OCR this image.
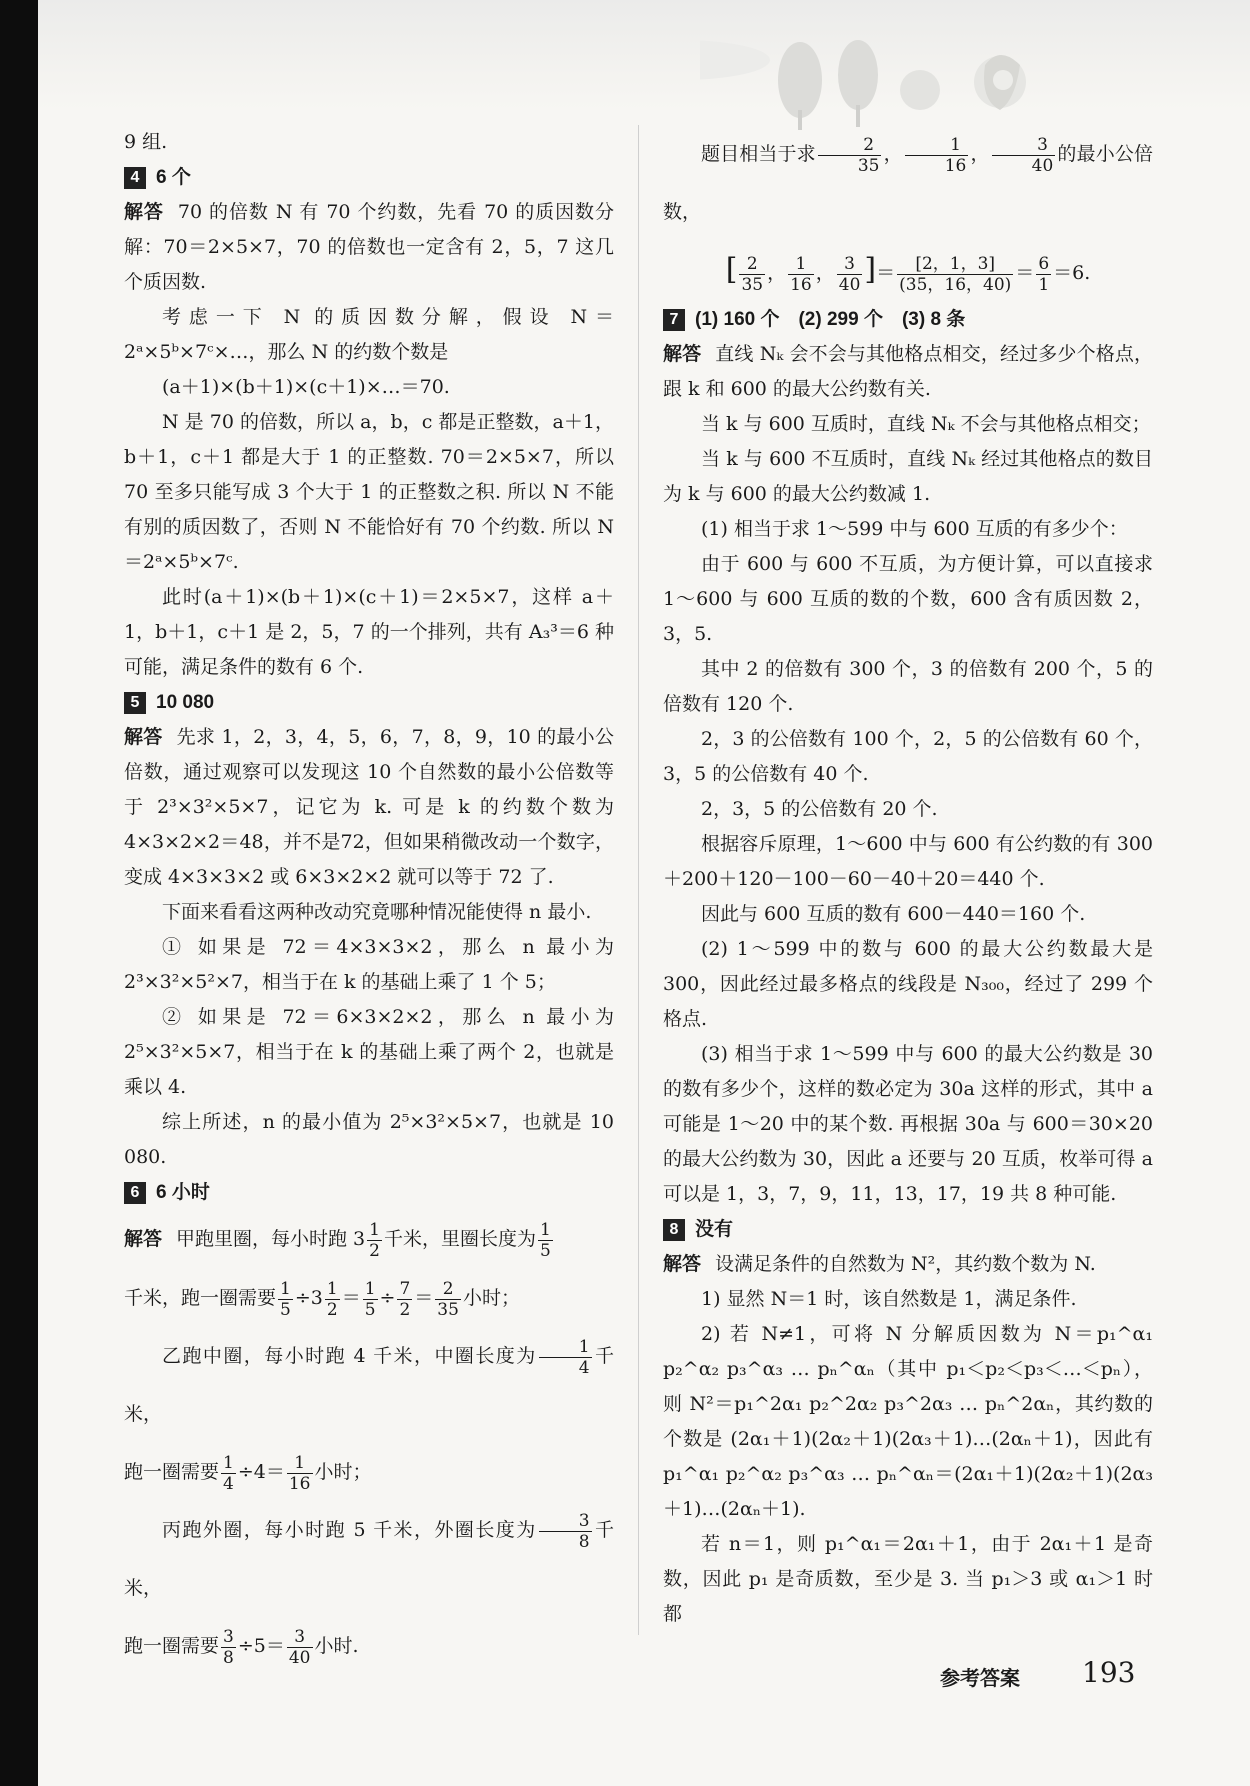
9 组.

4 6 个

解答 70 的倍数 N 有 70 个约数，先看 70 的质因数分解：70＝2×5×7，70 的倍数也一定含有 2，5，7 这几个质因数.

考虑一下 N 的质因数分解，假设 N＝2ᵃ×5ᵇ×7ᶜ×…，那么 N 的约数个数是

(a＋1)×(b＋1)×(c＋1)×…＝70.

N 是 70 的倍数，所以 a，b，c 都是正整数，a＋1，b＋1，c＋1 都是大于 1 的正整数. 70＝2×5×7，所以 70 至多只能写成 3 个大于 1 的正整数之积. 所以 N 不能有别的质因数了，否则 N 不能恰好有 70 个约数. 所以 N＝2ᵃ×5ᵇ×7ᶜ.

此时(a＋1)×(b＋1)×(c＋1)＝2×5×7，这样 a＋1，b＋1，c＋1 是 2，5，7 的一个排列，共有 A₃³＝6 种可能，满足条件的数有 6 个.

5 10 080

解答 先求 1，2，3，4，5，6，7，8，9，10 的最小公倍数，通过观察可以发现这 10 个自然数的最小公倍数等于 2³×3²×5×7，记它为 k. 可是 k 的约数个数为 4×3×2×2＝48，并不是72，但如果稍微改动一个数字，变成 4×3×3×2 或 6×3×2×2 就可以等于 72 了.

下面来看看这两种改动究竟哪种情况能使得 n 最小.

① 如果是 72＝4×3×3×2，那么 n 最小为 2³×3²×5²×7，相当于在 k 的基础上乘了 1 个 5；

② 如果是 72＝6×3×2×2，那么 n 最小为 2⁵×3²×5×7，相当于在 k 的基础上乘了两个 2，也就是乘以 4.

综上所述，n 的最小值为 2⁵×3²×5×7，也就是 10 080.

6 6 小时

解答 甲跑里圈，每小时跑 $3 \frac{1}{2}$ 千米，里圈长度为 $\frac{1}{5}$

千米，跑一圈需要 $\frac{1}{5} \div 3 \frac{1}{2} = \frac{1}{5} \div \frac{7}{2} = \frac{2}{35}$ 小时；

乙跑中圈，每小时跑 4 千米，中圈长度为 $\frac{1}{4}$ 千米，

跑一圈需要 $\frac{1}{4} \div 4= \frac{1}{16}$ 小时；

丙跑外圈，每小时跑 5 千米，外圈长度为 $\frac{3}{8}$ 千米，

跑一圈需要 $\frac{3}{8} \div 5= \frac{3}{40}$ 小时.

题目相当于求 $\frac{2}{35}$ ， $\frac{1}{16}$ ， $\frac{3}{40}$ 的最小公倍数，

[ $\frac{2}{35}$ ， $\frac{1}{16}$ ， $\frac{3}{40}$ ]＝ $\frac{[2,1,3]}{(35,16,40)} = \frac{6}{1} =6$.

7 (1) 160 个　(2) 299 个　(3) 8 条

解答 直线 Nₖ 会不会与其他格点相交，经过多少个格点，跟 k 和 600 的最大公约数有关.

当 k 与 600 互质时，直线 Nₖ 不会与其他格点相交；

当 k 与 600 不互质时，直线 Nₖ 经过其他格点的数目为 k 与 600 的最大公约数减 1.

(1) 相当于求 1～599 中与 600 互质的有多少个：

由于 600 与 600 不互质，为方便计算，可以直接求 1～600 与 600 互质的数的个数，600 含有质因数 2，3，5.

其中 2 的倍数有 300 个，3 的倍数有 200 个，5 的倍数有 120 个.

2，3 的公倍数有 100 个，2，5 的公倍数有 60 个，3，5 的公倍数有 40 个.

2，3，5 的公倍数有 20 个.

根据容斥原理，1～600 中与 600 有公约数的有 300＋200＋120－100－60－40＋20＝440 个.

因此与 600 互质的数有 600－440＝160 个.

(2) 1～599 中的数与 600 的最大公约数最大是 300，因此经过最多格点的线段是 N₃₀₀，经过了 299 个格点.

(3) 相当于求 1～599 中与 600 的最大公约数是 30 的数有多少个，这样的数必定为 30a 这样的形式，其中 a 可能是 1～20 中的某个数. 再根据 30a 与 600＝30×20 的最大公约数为 30，因此 a 还要与 20 互质，枚举可得 a 可以是 1，3，7，9，11，13，17，19 共 8 种可能.

8 没有

解答 设满足条件的自然数为 N²，其约数个数为 N.

1) 显然 N＝1 时，该自然数是 1，满足条件.

2) 若 N≠1，可将 N 分解质因数为 N＝p₁^α₁ p₂^α₂ p₃^α₃ … pₙ^αₙ（其中 p₁＜p₂＜p₃＜…＜pₙ），则 N²＝p₁^2α₁ p₂^2α₂ p₃^2α₃ … pₙ^2αₙ，其约数的个数是 (2α₁＋1)(2α₂＋1)(2α₃＋1)…(2αₙ＋1)，因此有 p₁^α₁ p₂^α₂ p₃^α₃ … pₙ^αₙ＝(2α₁＋1)(2α₂＋1)(2α₃＋1)…(2αₙ＋1).

若 n＝1，则 p₁^α₁＝2α₁＋1，由于 2α₁＋1 是奇数，因此 p₁ 是奇质数，至少是 3. 当 p₁＞3 或 α₁＞1 时都

参考答案 193
